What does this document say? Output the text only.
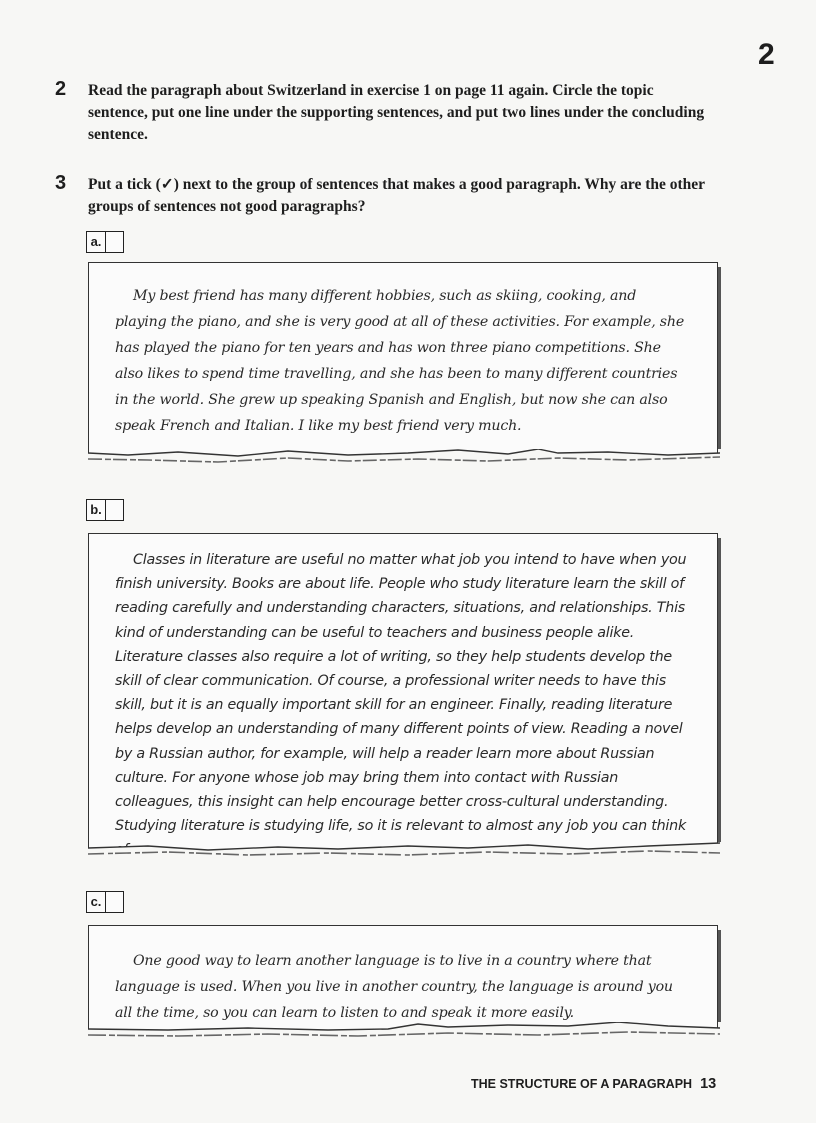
2
2 Read the paragraph about Switzerland in exercise 1 on page 11 again. Circle the topic sentence, put one line under the supporting sentences, and put two lines under the concluding sentence.
3 Put a tick (✓) next to the group of sentences that makes a good paragraph. Why are the other groups of sentences not good paragraphs?
a.

My best friend has many different hobbies, such as skiing, cooking, and playing the piano, and she is very good at all of these activities. For example, she has played the piano for ten years and has won three piano competitions. She also likes to spend time travelling, and she has been to many different countries in the world. She grew up speaking Spanish and English, but now she can also speak French and Italian. I like my best friend very much.

b.

Classes in literature are useful no matter what job you intend to have when you finish university. Books are about life. People who study literature learn the skill of reading carefully and understanding characters, situations, and relationships. This kind of understanding can be useful to teachers and business people alike. Literature classes also require a lot of writing, so they help students develop the skill of clear communication. Of course, a professional writer needs to have this skill, but it is an equally important skill for an engineer. Finally, reading literature helps develop an understanding of many different points of view. Reading a novel by a Russian author, for example, will help a reader learn more about Russian culture. For anyone whose job may bring them into contact with Russian colleagues, this insight can help encourage better cross-cultural understanding. Studying literature is studying life, so it is relevant to almost any job you can think

c.

One good way to learn another language is to live in a country where that language is used. When you live in another country, the language is around you all the time, so you can learn to listen to and speak it more easily.

THE STRUCTURE OF A PARAGRAPH 13
